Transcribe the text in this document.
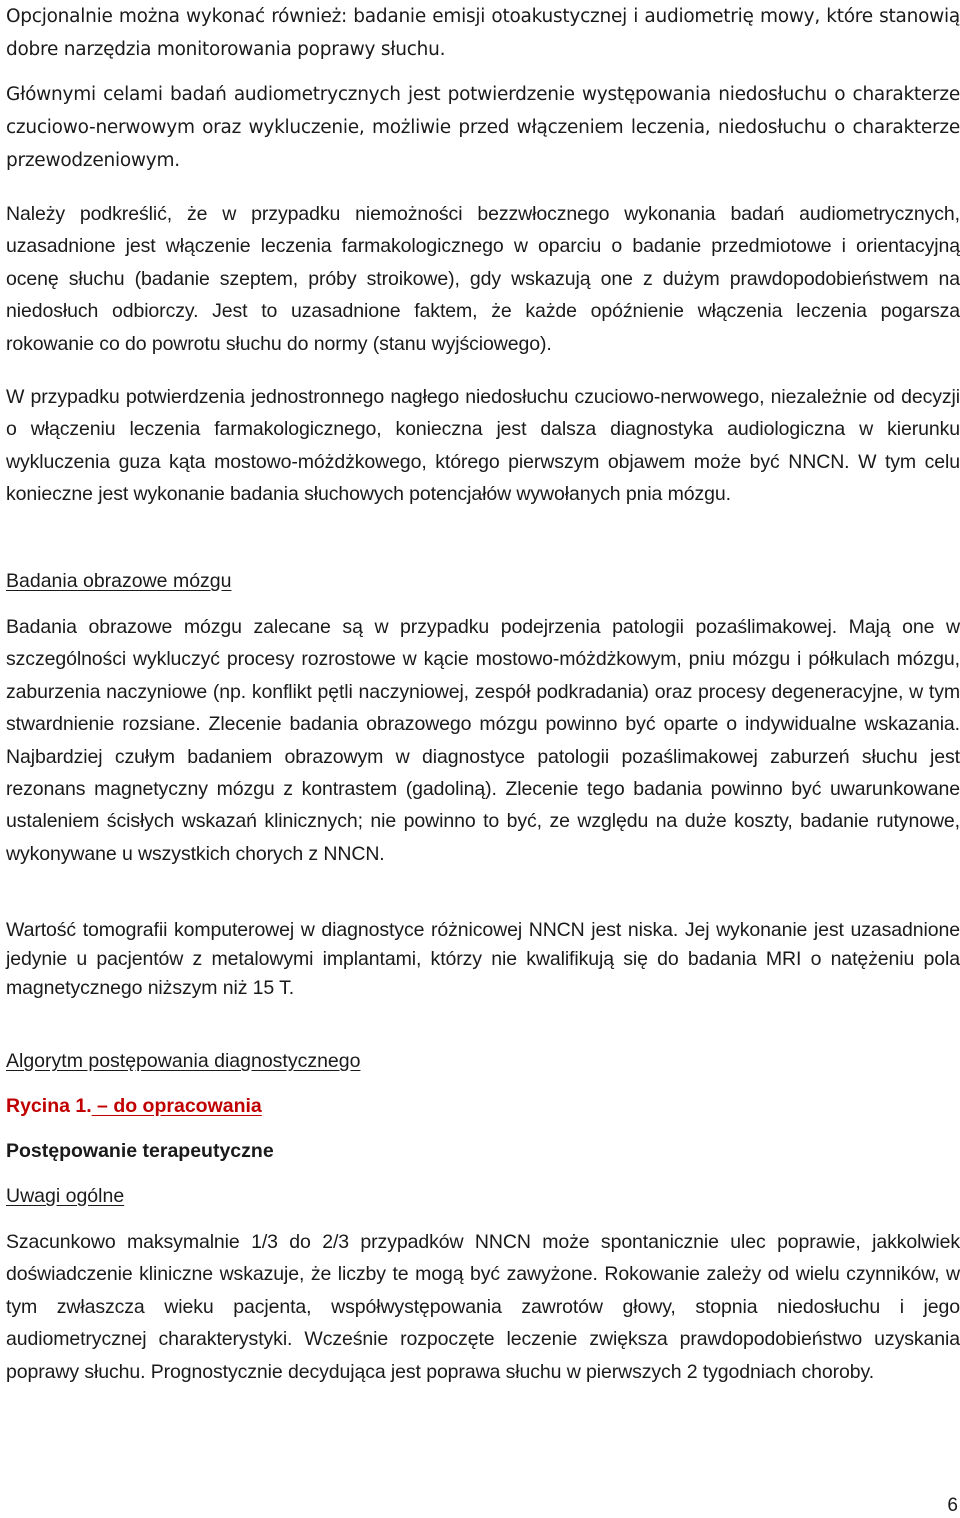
Opcjonalnie można wykonać również: badanie emisji otoakustycznej i audiometrię mowy, które stanowią dobre narzędzia monitorowania poprawy słuchu.

Głównymi celami badań audiometrycznych jest potwierdzenie występowania niedosłuchu o charakterze czuciowo-nerwowym oraz wykluczenie, możliwie przed włączeniem leczenia, niedosłuchu o charakterze przewodzeniowym.

Należy podkreślić, że w przypadku niemożności bezzwłocznego wykonania badań audiometrycznych, uzasadnione jest włączenie leczenia farmakologicznego w oparciu o badanie przedmiotowe i orientacyjną ocenę słuchu (badanie szeptem, próby stroikowe), gdy wskazują one z dużym prawdopodobieństwem na niedosłuch odbiorczy. Jest to uzasadnione faktem, że każde opóźnienie włączenia leczenia pogarsza rokowanie co do powrotu słuchu do normy (stanu wyjściowego).

W przypadku potwierdzenia jednostronnego nagłego niedosłuchu czuciowo-nerwowego, niezależnie od decyzji o włączeniu leczenia farmakologicznego, konieczna jest dalsza diagnostyka audiologiczna w kierunku wykluczenia guza kąta mostowo-móżdżkowego, którego pierwszym objawem może być NNCN. W tym celu konieczne jest wykonanie badania słuchowych potencjałów wywołanych pnia mózgu.

Badania obrazowe mózgu

Badania obrazowe mózgu zalecane są w przypadku podejrzenia patologii pozaślimakowej. Mają one w szczególności wykluczyć procesy rozrostowe w kącie mostowo-móżdżkowym, pniu mózgu i półkulach mózgu, zaburzenia naczyniowe (np. konflikt pętli naczyniowej, zespół podkradania) oraz procesy degeneracyjne, w tym stwardnienie rozsiane. Zlecenie badania obrazowego mózgu powinno być oparte o indywidualne wskazania. Najbardziej czułym badaniem obrazowym w diagnostyce patologii pozaślimakowej zaburzeń słuchu jest rezonans magnetyczny mózgu z kontrastem (gadoliną). Zlecenie tego badania powinno być uwarunkowane ustaleniem ścisłych wskazań klinicznych; nie powinno to być, ze względu na duże koszty, badanie rutynowe, wykonywane u wszystkich chorych z NNCN.

Wartość tomografii komputerowej w diagnostyce różnicowej NNCN jest niska. Jej wykonanie jest uzasadnione jedynie u pacjentów z metalowymi implantami, którzy nie kwalifikują się do badania MRI o natężeniu pola magnetycznego niższym niż 15 T.

Algorytm postępowania diagnostycznego
Rycina 1. – do opracowania
Postępowanie terapeutyczne
Uwagi ogólne

Szacunkowo maksymalnie 1/3 do 2/3 przypadków NNCN może spontanicznie ulec poprawie, jakkolwiek doświadczenie kliniczne wskazuje, że liczby te mogą być zawyżone. Rokowanie zależy od wielu czynników, w tym zwłaszcza wieku pacjenta, współwystępowania zawrotów głowy, stopnia niedosłuchu i jego audiometrycznej charakterystyki. Wcześnie rozpoczęte leczenie zwiększa prawdopodobieństwo uzyskania poprawy słuchu. Prognostycznie decydująca jest poprawa słuchu w pierwszych 2 tygodniach choroby.

6
